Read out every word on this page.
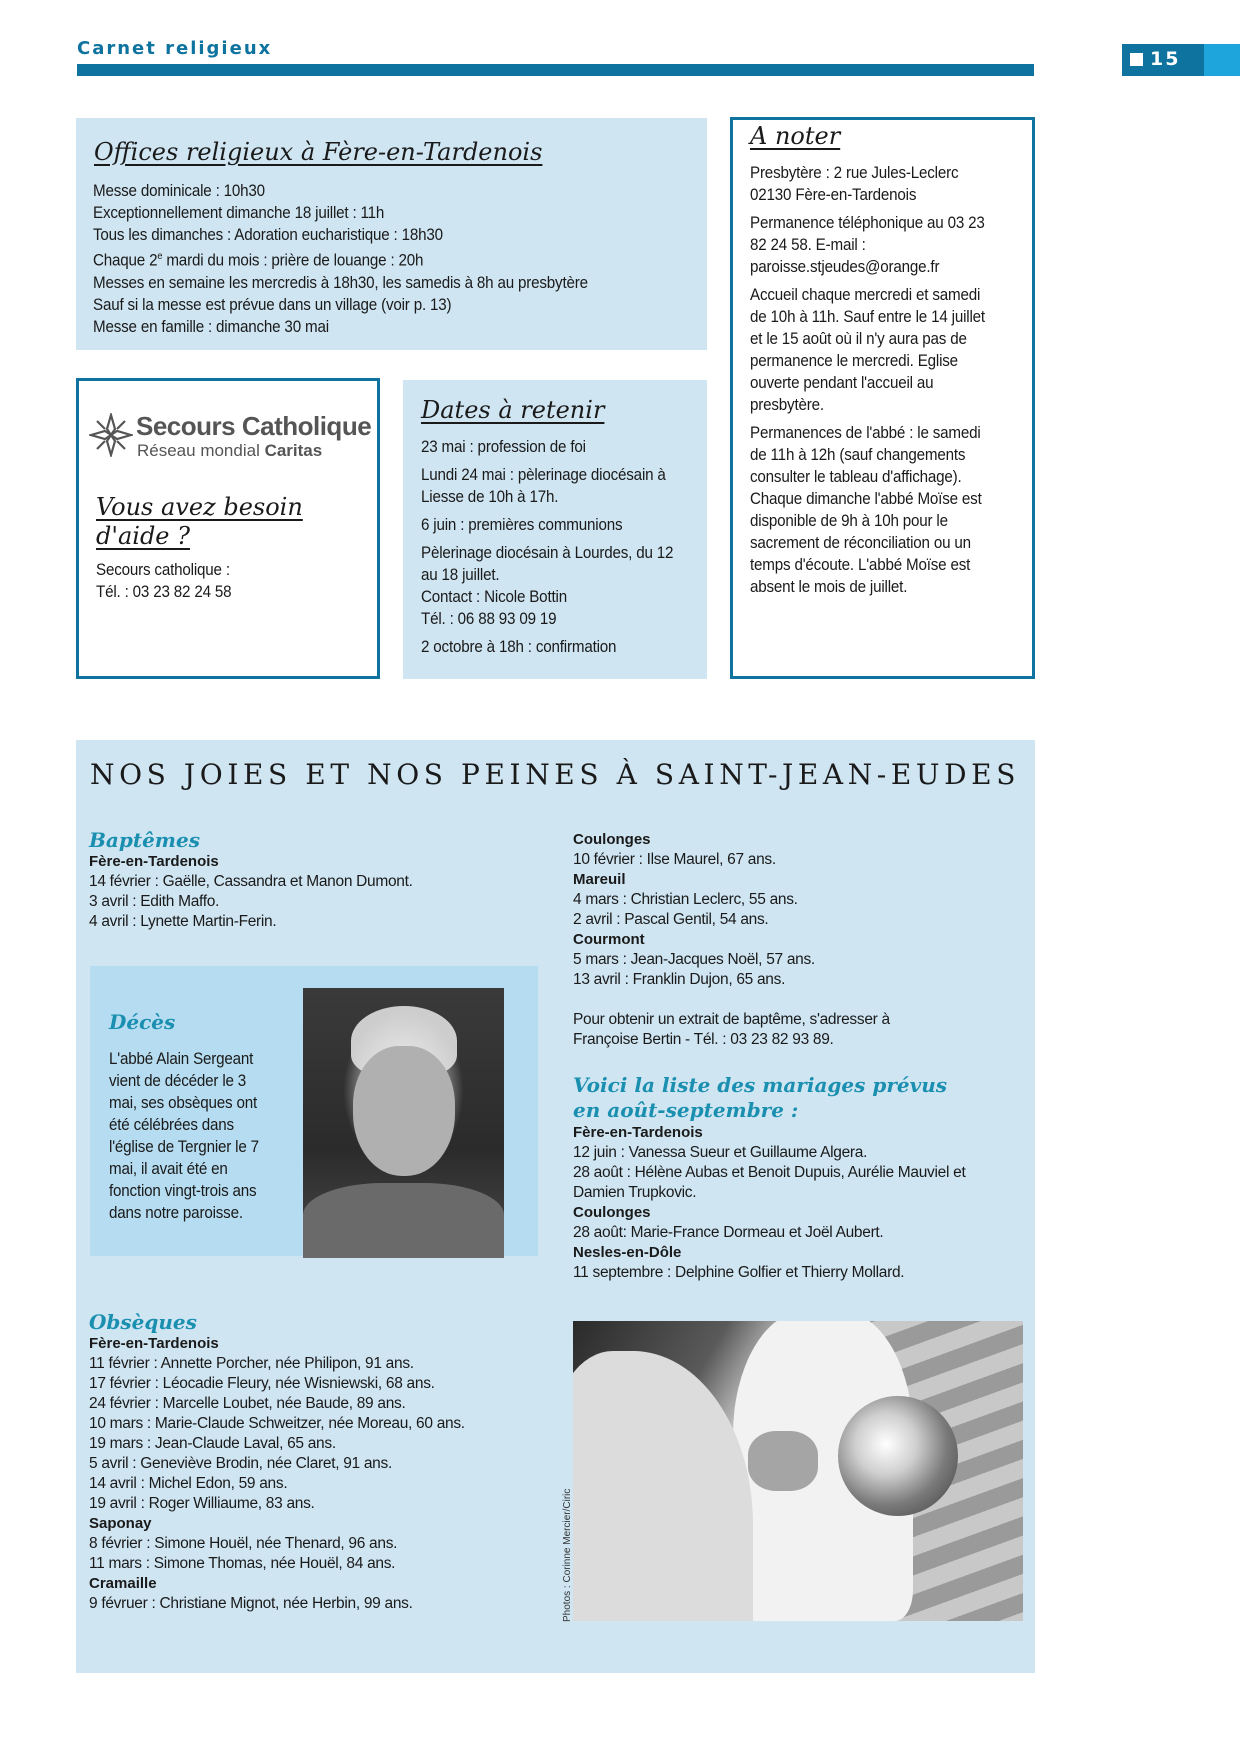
Carnet religieux	15
Offices religieux à Fère-en-Tardenois

Messe dominicale : 10h30

Exceptionnellement dimanche 18 juillet : 11h

Tous les dimanches : Adoration eucharistique : 18h30

Chaque 2e mardi du mois : prière de louange : 20h

Messes en semaine les mercredis à 18h30, les samedis à 8h au presbytère

Sauf si la messe est prévue dans un village (voir p. 13)

Messe en famille : dimanche 30 mai

Secours Catholique
Réseau mondial Caritas
Vous avez besoin d'aide ?

Secours catholique :

Tél. : 03 23 82 24 58

Dates à retenir

23 mai : profession de foi

Lundi 24 mai : pèlerinage diocésain à Liesse de 10h à 17h.

6 juin : premières communions

Pèlerinage diocésain à Lourdes, du 12 au 18 juillet.

Contact : Nicole Bottin

Tél. : 06 88 93 09 19

2 octobre à 18h : confirmation

A noter

Presbytère : 2 rue Jules-Leclerc 02130 Fère-en-Tardenois

Permanence téléphonique au 03 23 82 24 58. E-mail : paroisse.stjeudes@orange.fr

Accueil chaque mercredi et samedi de 10h à 11h. Sauf entre le 14 juillet et le 15 août où il n'y aura pas de permanence le mercredi. Eglise ouverte pendant l'accueil au presbytère.

Permanences de l'abbé : le samedi de 11h à 12h (sauf changements consulter le tableau d'affichage). Chaque dimanche l'abbé Moïse est disponible de 9h à 10h pour le sacrement de réconciliation ou un temps d'écoute. L'abbé Moïse est absent le mois de juillet.

NOS JOIES ET NOS PEINES À SAINT-JEAN-EUDES
Baptêmes
Fère-en-Tardenois

14 février : Gaëlle, Cassandra et Manon Dumont.

3 avril : Edith Maffo.

4 avril : Lynette Martin-Ferin.

Coulonges

10 février : Ilse Maurel, 67 ans.

Mareuil

4 mars : Christian Leclerc, 55 ans.

2 avril : Pascal Gentil, 54 ans.

Courmont

5 mars : Jean-Jacques Noël, 57 ans.

13 avril : Franklin Dujon, 65 ans.

Pour obtenir un extrait de baptême, s'adresser à Françoise Bertin - Tél. : 03 23 82 93 89.

Décès
L'abbé Alain Sergeant vient de décéder le 3 mai, ses obsèques ont été célébrées dans l'église de Tergnier le 7 mai, il avait été en fonction vingt-trois ans dans notre paroisse.
Voici la liste des mariages prévus
en août-septembre :
Fère-en-Tardenois

12 juin : Vanessa Sueur et Guillaume Algera.

28 août : Hélène Aubas et Benoit Dupuis, Aurélie Mauviel et Damien Trupkovic.

Coulonges

28 août: Marie-France Dormeau et Joël Aubert.

Nesles-en-Dôle

11 septembre : Delphine Golfier et Thierry Mollard.

Obsèques
Fère-en-Tardenois

11 février : Annette Porcher, née Philipon, 91 ans.

17 février : Léocadie Fleury, née Wisniewski, 68 ans.

24 février : Marcelle Loubet, née Baude, 89 ans.

10 mars : Marie-Claude Schweitzer, née Moreau, 60 ans.

19 mars : Jean-Claude Laval, 65 ans.

5 avril : Geneviève Brodin, née Claret, 91 ans.

14 avril : Michel Edon, 59 ans.

19 avril : Roger Williaume, 83 ans.

Saponay

8 février : Simone Houël, née Thenard, 96 ans.

11 mars : Simone Thomas, née Houël, 84 ans.

Cramaille

9 févruer : Christiane Mignot, née Herbin, 99 ans.	Photos : Corinne Mercier/Ciric
